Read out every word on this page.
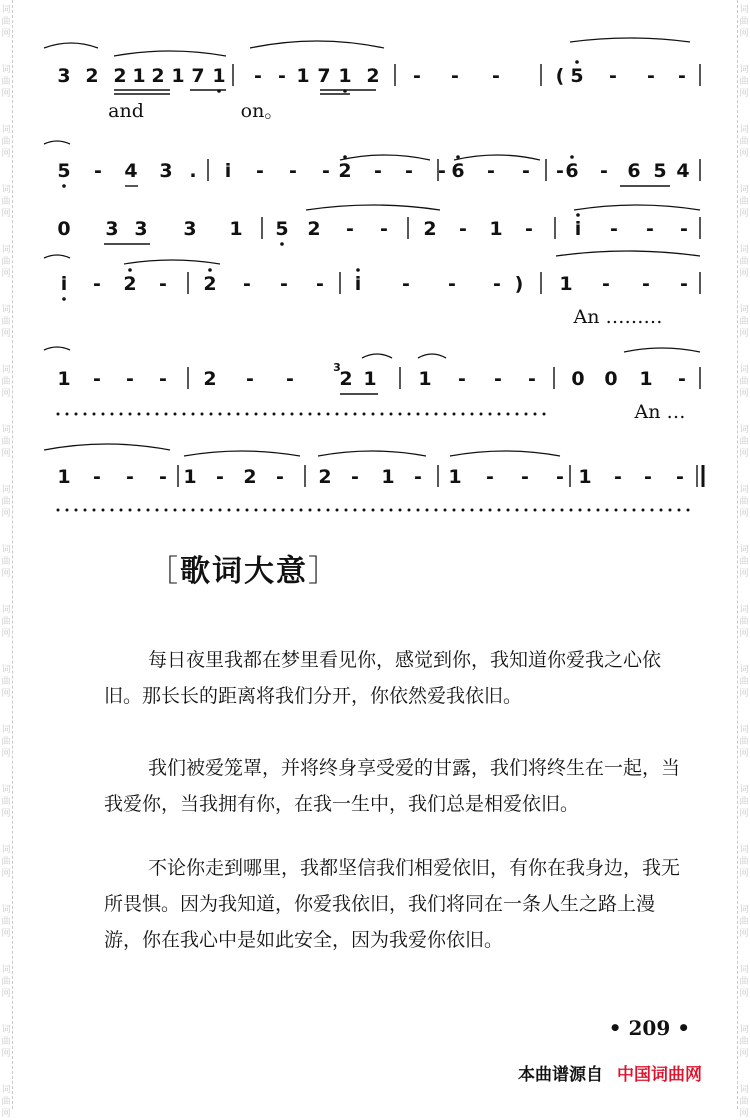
词
曲
网
词
曲
网
词
曲
网
词
曲
网
词
曲
网
词
曲
网
词
曲
网
词
曲
网
词
曲
网
词
曲
网
词
曲
网
词
曲
网
词
曲
网
词
曲
网
词
曲
网
词
曲
网
词
曲
网
词
曲
网
词
曲
网
词
曲
网
词
曲
网
词
曲
网
词
曲
网
词
曲
网
词
曲
网
词
曲
网
词
曲
网
词
曲
网
词
曲
网
词
曲
网
词
曲
网
词
曲
网
词
曲
网
词
曲
网
词
曲
网
词
曲
网
词
曲
网
词
曲
网
3 2 2 1 2 1 7 1 - - 1 7 1 2 - - -	( 5 - - -
and	on。
5 - 4 3 . i - - - 2 - - - 6 - - - 6 - 6 5 4
0 3 3 3 1 5 2 - - 2 - 1 - i - - -
i - 2 - 2 - - - i - - - ) 1 - - -
An ………
1 - - - 2 - - 2 1 1 - - - 0 0 1 -
3
An …
1 - - - 1 - 2 - 2 - 1 - 1 - - - 1 - - -
［歌词大意］
每日夜里我都在梦里看见你，感觉到你，我知道你爱我之心依旧。那长长的距离将我们分开，你依然爱我依旧。
我们被爱笼罩，并将终身享受爱的甘露，我们将终生在一起，当我爱你，当我拥有你，在我一生中，我们总是相爱依旧。
不论你走到哪里，我都坚信我们相爱依旧，有你在我身边，我无所畏惧。因为我知道，你爱我依旧，我们将同在一条人生之路上漫游，你在我心中是如此安全，因为我爱你依旧。
• 209 •
本曲谱源自 中国词曲网
